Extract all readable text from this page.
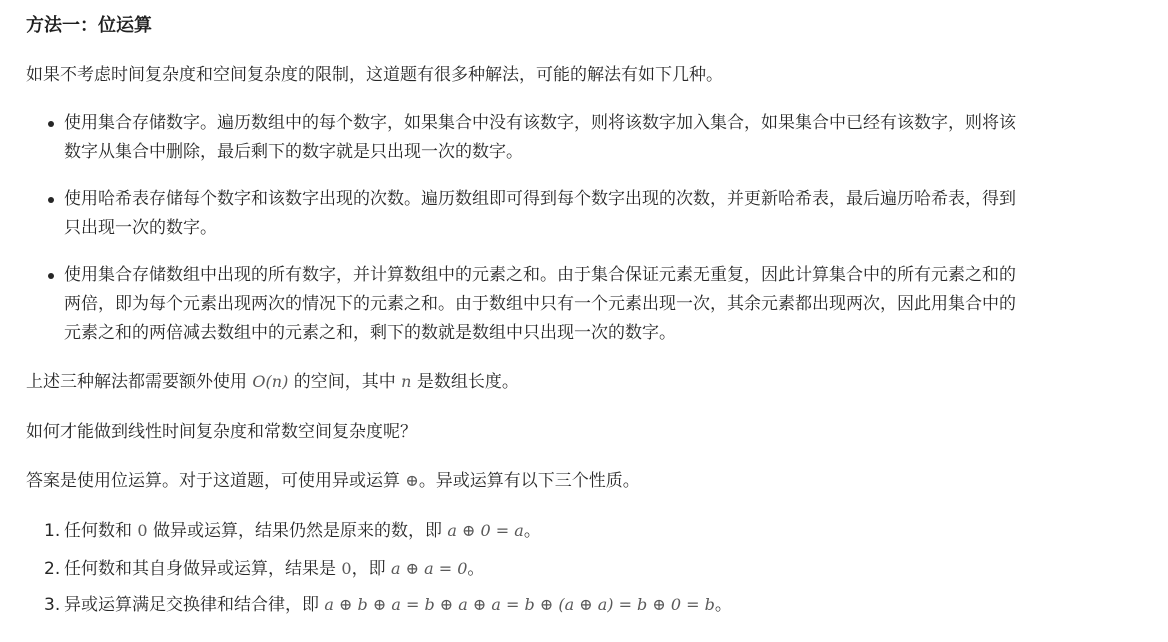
方法一：位运算
如果不考虑时间复杂度和空间复杂度的限制，这道题有很多种解法，可能的解法有如下几种。
使用集合存储数字。遍历数组中的每个数字，如果集合中没有该数字，则将该数字加入集合，如果集合中已经有该数字，则将该
数字从集合中删除，最后剩下的数字就是只出现一次的数字。
使用哈希表存储每个数字和该数字出现的次数。遍历数组即可得到每个数字出现的次数，并更新哈希表，最后遍历哈希表，得到
只出现一次的数字。
使用集合存储数组中出现的所有数字，并计算数组中的元素之和。由于集合保证元素无重复，因此计算集合中的所有元素之和的
两倍，即为每个元素出现两次的情况下的元素之和。由于数组中只有一个元素出现一次，其余元素都出现两次，因此用集合中的
元素之和的两倍减去数组中的元素之和，剩下的数就是数组中只出现一次的数字。
上述三种解法都需要额外使用 O(n) 的空间，其中 n 是数组长度。
如何才能做到线性时间复杂度和常数空间复杂度呢？
答案是使用位运算。对于这道题，可使用异或运算 ⊕。异或运算有以下三个性质。
1. 任何数和 0 做异或运算，结果仍然是原来的数，即 a ⊕ 0 = a。
2. 任何数和其自身做异或运算，结果是 0，即 a ⊕ a = 0。
3. 异或运算满足交换律和结合律，即 a ⊕ b ⊕ a = b ⊕ a ⊕ a = b ⊕ (a ⊕ a) = b ⊕ 0 = b。
